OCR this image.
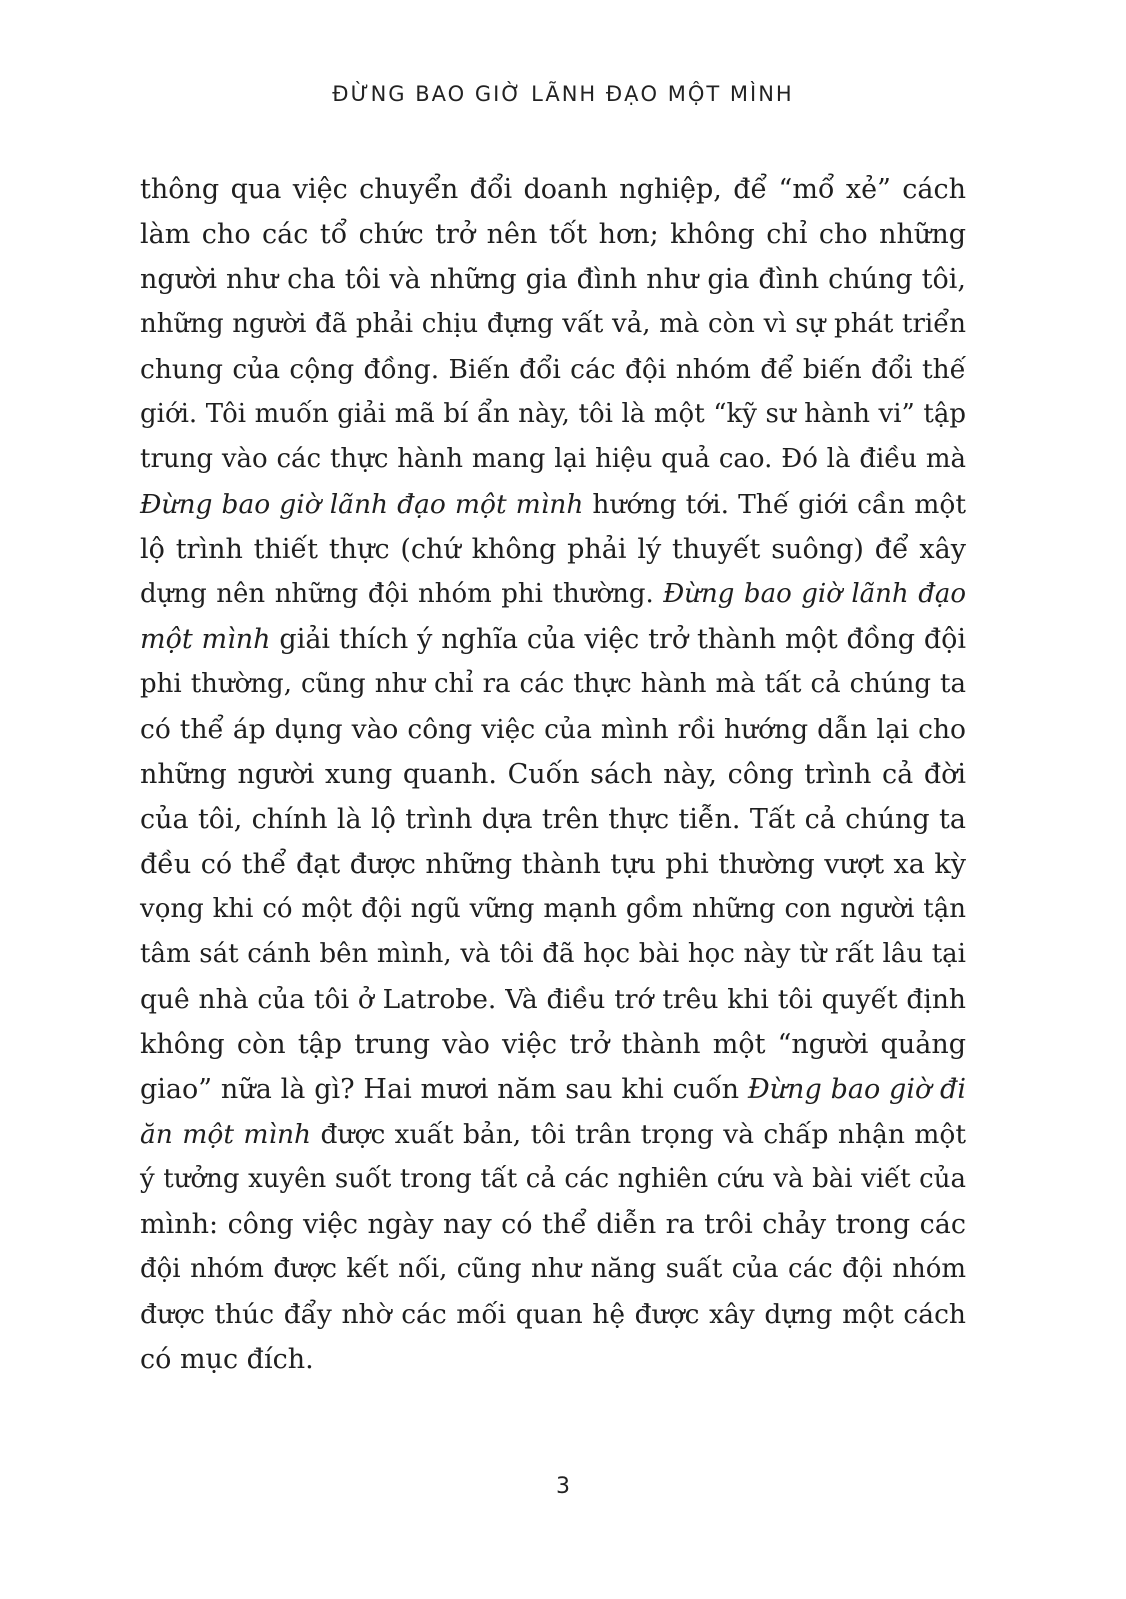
ĐỪNG BAO GIỜ LÃNH ĐẠO MỘT MÌNH
thông qua việc chuyển đổi doanh nghiệp, để “mổ xẻ” cách
làm cho các tổ chức trở nên tốt hơn; không chỉ cho những
người như cha tôi và những gia đình như gia đình chúng tôi,
những người đã phải chịu đựng vất vả, mà còn vì sự phát triển
chung của cộng đồng. Biến đổi các đội nhóm để biến đổi thế
giới. Tôi muốn giải mã bí ẩn này, tôi là một “kỹ sư hành vi” tập
trung vào các thực hành mang lại hiệu quả cao. Đó là điều mà
Đừng bao giờ lãnh đạo một mình hướng tới. Thế giới cần một
lộ trình thiết thực (chứ không phải lý thuyết suông) để xây
dựng nên những đội nhóm phi thường. Đừng bao giờ lãnh đạo
một mình giải thích ý nghĩa của việc trở thành một đồng đội
phi thường, cũng như chỉ ra các thực hành mà tất cả chúng ta
có thể áp dụng vào công việc của mình rồi hướng dẫn lại cho
những người xung quanh. Cuốn sách này, công trình cả đời
của tôi, chính là lộ trình dựa trên thực tiễn. Tất cả chúng ta
đều có thể đạt được những thành tựu phi thường vượt xa kỳ
vọng khi có một đội ngũ vững mạnh gồm những con người tận
tâm sát cánh bên mình, và tôi đã học bài học này từ rất lâu tại
quê nhà của tôi ở Latrobe. Và điều trớ trêu khi tôi quyết định
không còn tập trung vào việc trở thành một “người quảng
giao” nữa là gì? Hai mươi năm sau khi cuốn Đừng bao giờ đi
ăn một mình được xuất bản, tôi trân trọng và chấp nhận một
ý tưởng xuyên suốt trong tất cả các nghiên cứu và bài viết của
mình: công việc ngày nay có thể diễn ra trôi chảy trong các
đội nhóm được kết nối, cũng như năng suất của các đội nhóm
được thúc đẩy nhờ các mối quan hệ được xây dựng một cách
có mục đích.
3
